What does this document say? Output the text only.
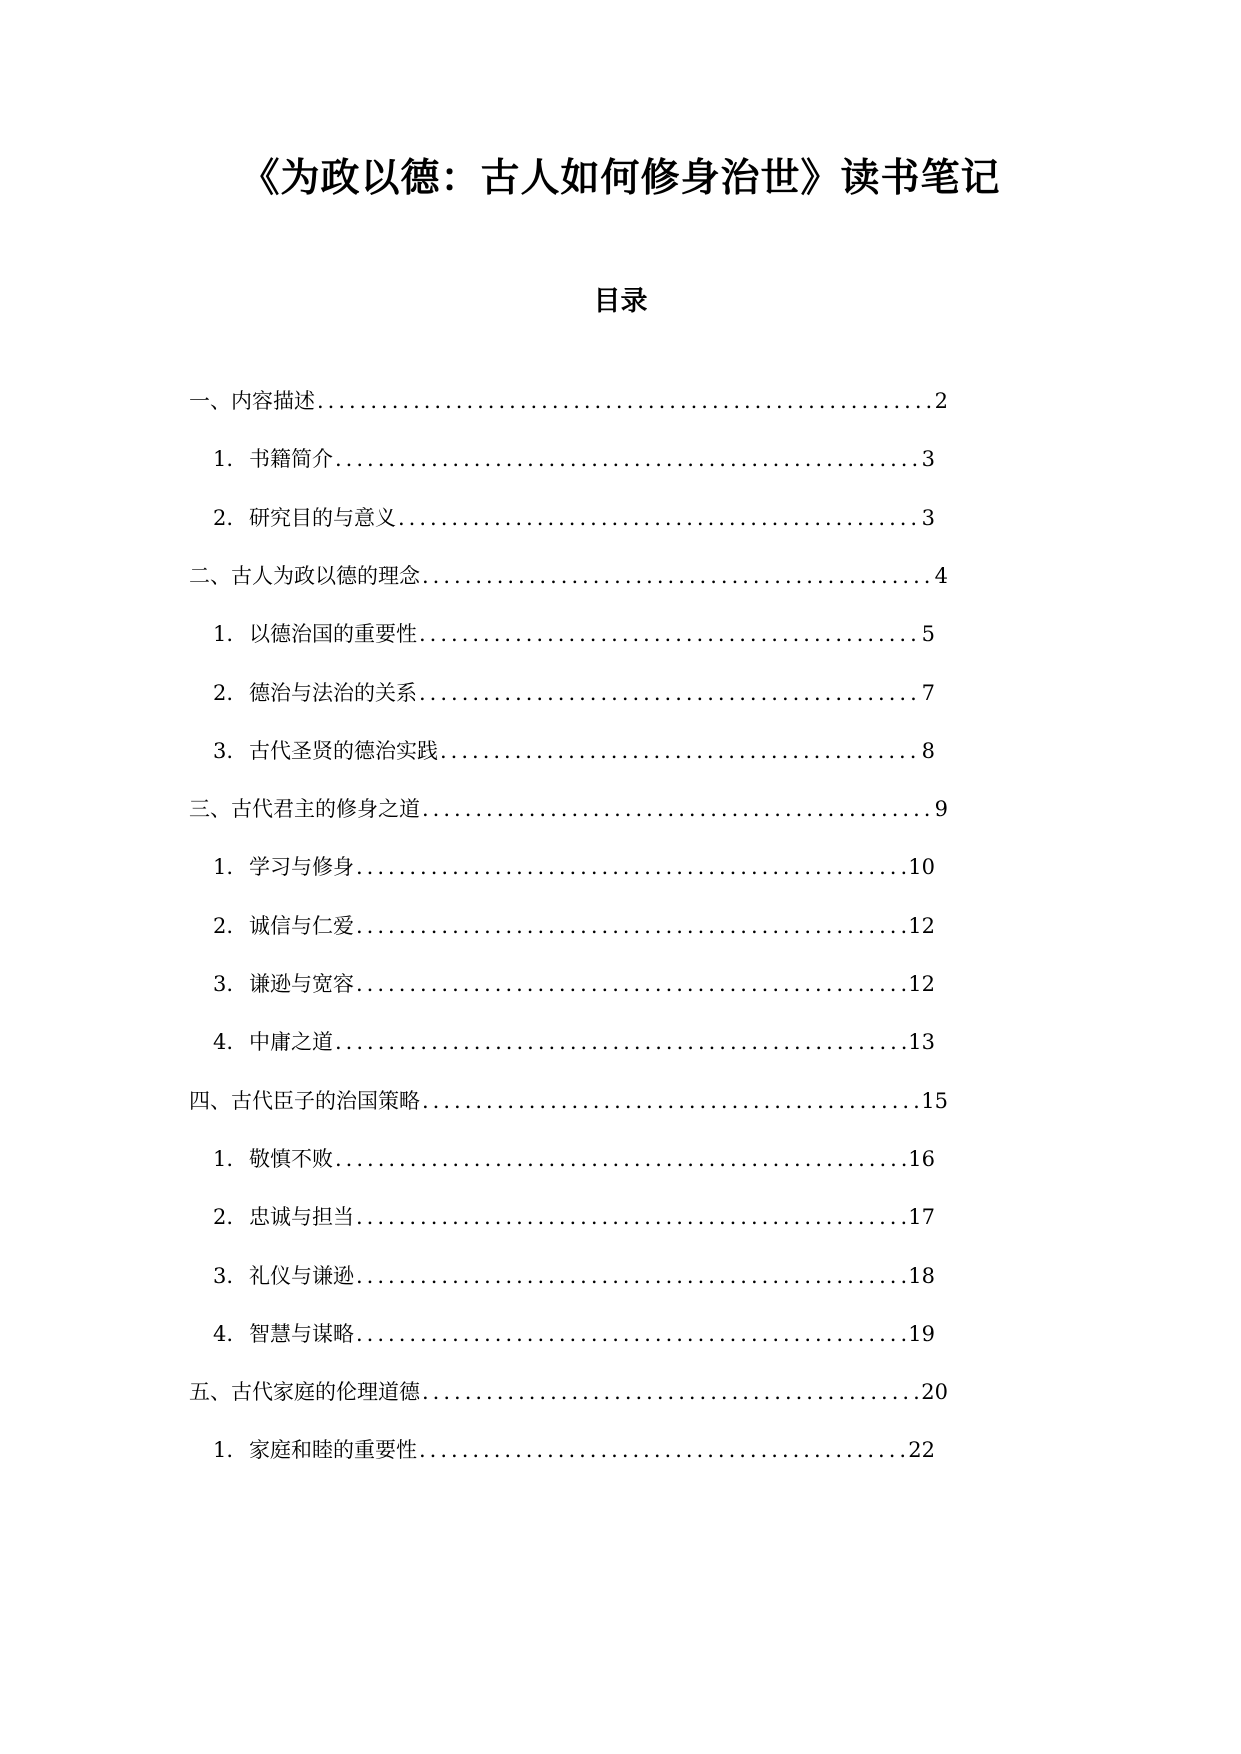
《为政以德：古人如何修身治世》读书笔记
目录
一、内容描述 .....	2
1. 书籍简介 .....	3
2. 研究目的与意义 .....	3
二、古人为政以德的理念 .....	4
1. 以德治国的重要性 .....	5
2. 德治与法治的关系 .....	7
3. 古代圣贤的德治实践 .....	8
三、古代君主的修身之道 .....	9
1. 学习与修身 .....	10
2. 诚信与仁爱 .....	12
3. 谦逊与宽容 .....	12
4. 中庸之道 .....	13
四、古代臣子的治国策略 .....	15
1. 敬慎不败 .....	16
2. 忠诚与担当 .....	17
3. 礼仪与谦逊 .....	18
4. 智慧与谋略 .....	19
五、古代家庭的伦理道德 .....	20
1. 家庭和睦的重要性 .....	22
